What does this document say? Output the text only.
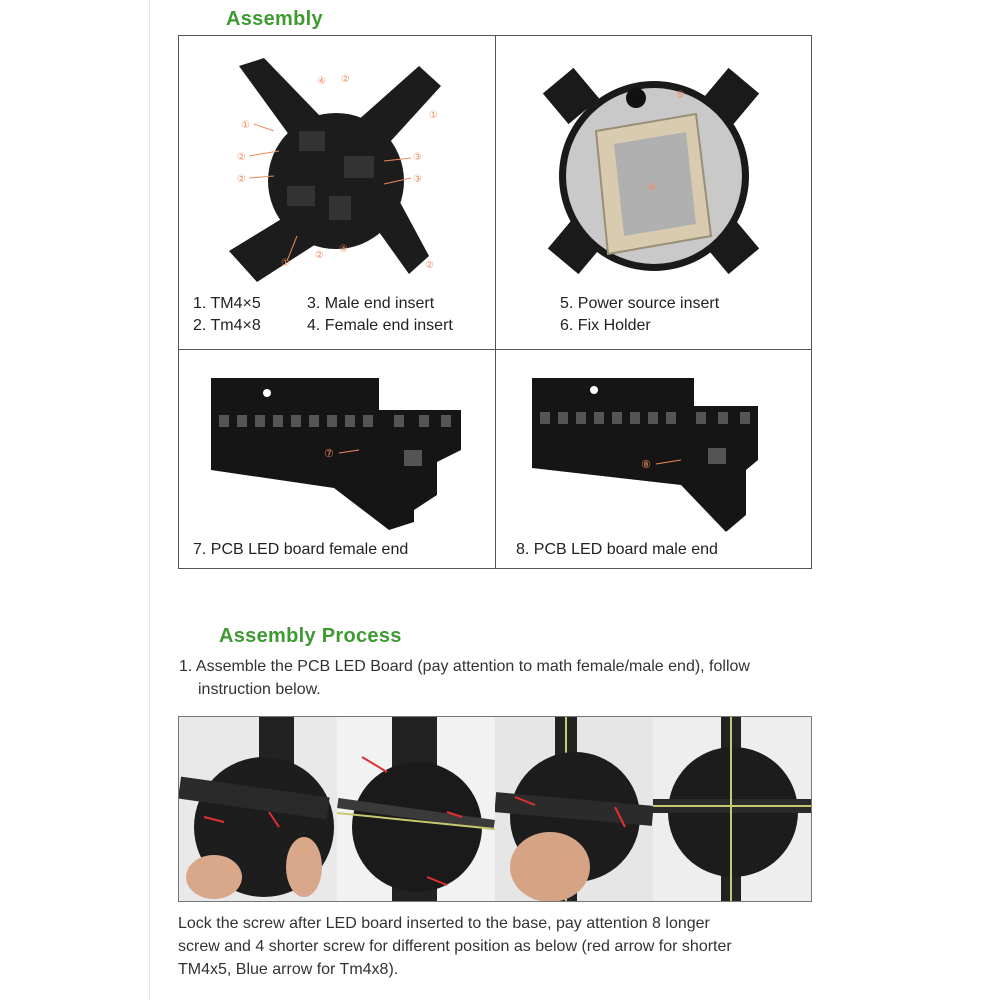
Assembly
①
②
②
③
④
①
②
③
②
④
①	②
1. TM4×5
2. Tm4×8
3. Male end insert
4. Female end insert
⑤
⑥
5. Power source insert
6. Fix Holder
⑦
7. PCB LED board female end
⑧
8. PCB LED board male end
Assembly Process
1. Assemble the PCB LED Board (pay attention to math female/male end), follow
instruction below.
Lock the screw after LED board inserted to the base, pay attention 8 longer
screw and 4 shorter screw for different position as below (red arrow for shorter
TM4x5, Blue arrow for Tm4x8).
